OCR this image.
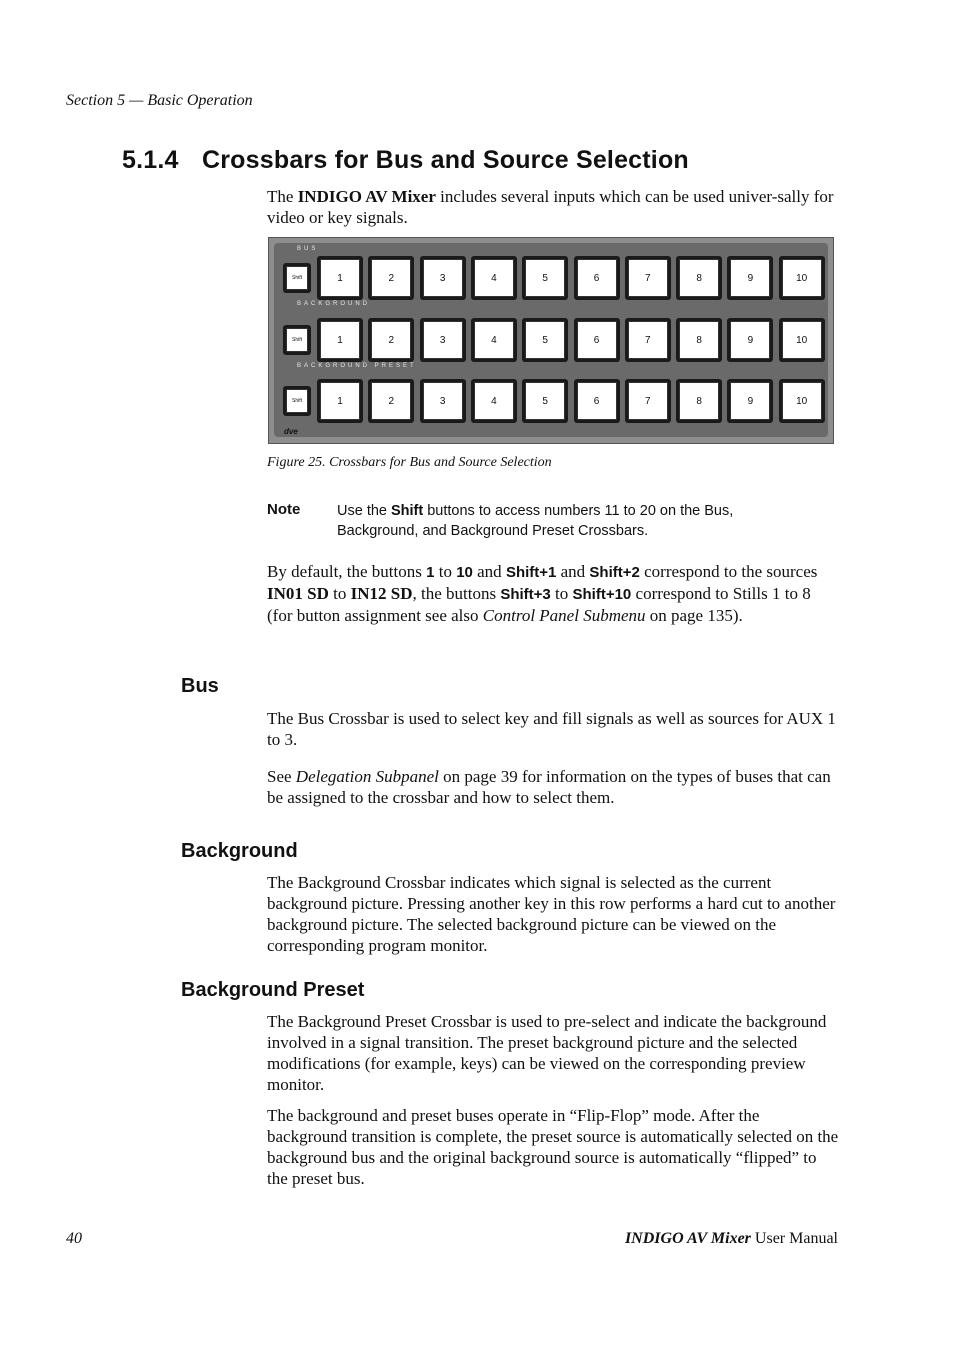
Section 5 — Basic Operation
5.1.4 Crossbars for Bus and Source Selection
The INDIGO AV Mixer includes several inputs which can be used univer-sally for video or key signals.
BUS
Shift	1	2	3	4	5	6	7	8	9	10
BACKGROUND
Shift	1	2	3	4	5	6	7	8	9	10
BACKGROUND PRESET
Shift	1	2	3	4	5	6	7	8	9	10
dve
Figure 25. Crossbars for Bus and Source Selection
Note	Use the Shift buttons to access numbers 11 to 20 on the Bus, Background, and Background Preset Crossbars.
By default, the buttons 1 to 10 and Shift+1 and Shift+2 correspond to the sources IN01 SD to IN12 SD, the buttons Shift+3 to Shift+10 correspond to Stills 1 to 8 (for button assignment see also Control Panel Submenu on page 135).
Bus
The Bus Crossbar is used to select key and fill signals as well as sources for AUX 1 to 3.
See Delegation Subpanel on page 39 for information on the types of buses that can be assigned to the crossbar and how to select them.
Background
The Background Crossbar indicates which signal is selected as the current background picture. Pressing another key in this row performs a hard cut to another background picture. The selected background picture can be viewed on the corresponding program monitor.
Background Preset
The Background Preset Crossbar is used to pre-select and indicate the background involved in a signal transition. The preset background picture and the selected modifications (for example, keys) can be viewed on the corresponding preview monitor.
The background and preset buses operate in “Flip-Flop” mode. After the background transition is complete, the preset source is automatically selected on the background bus and the original background source is automatically “flipped” to the preset bus.
40	INDIGO AV Mixer User Manual
